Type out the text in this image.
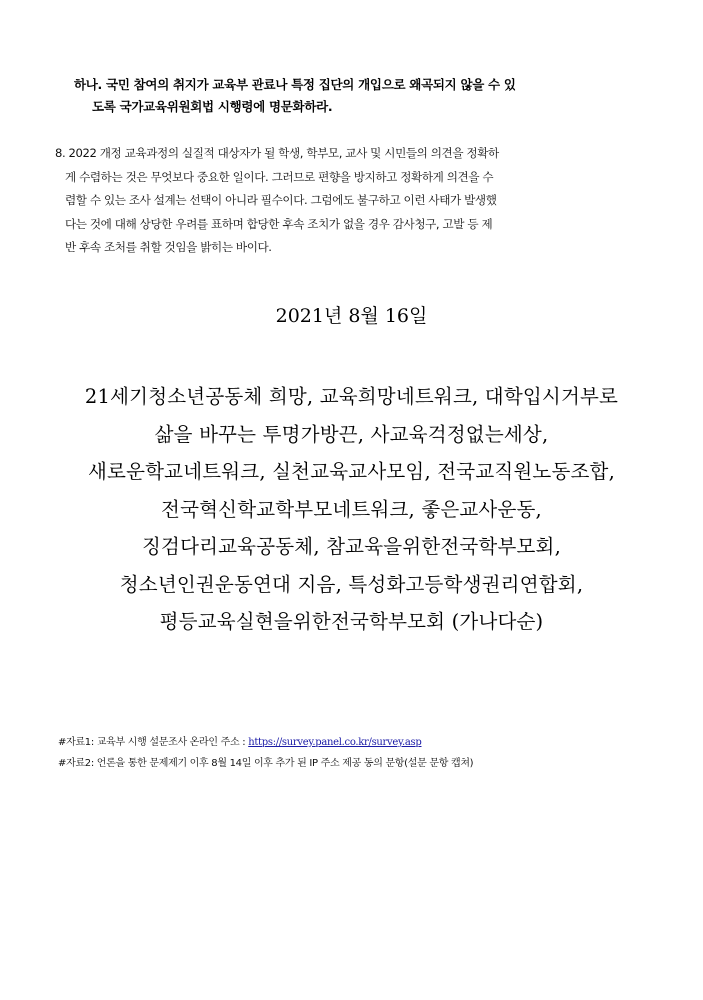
하나. 국민 참여의 취지가 교육부 관료나 특정 집단의 개입으로 왜곡되지 않을 수 있
도록 국가교육위원회법 시행령에 명문화하라.
8. 2022 개정 교육과정의 실질적 대상자가 될 학생, 학부모, 교사 및 시민들의 의견을 정확하
게 수렴하는 것은 무엇보다 중요한 일이다. 그러므로 편향을 방지하고 정확하게 의견을 수
렴할 수 있는 조사 설계는 선택이 아니라 필수이다. 그럼에도 불구하고 이런 사태가 발생했
다는 것에 대해 상당한 우려를 표하며 합당한 후속 조치가 없을 경우 감사청구, 고발 등 제
반 후속 조처를 취할 것임을 밝히는 바이다.
2021년 8월 16일
21세기청소년공동체 희망, 교육희망네트워크, 대학입시거부로
삶을 바꾸는 투명가방끈, 사교육걱정없는세상,
새로운학교네트워크, 실천교육교사모임, 전국교직원노동조합,
전국혁신학교학부모네트워크, 좋은교사운동,
징검다리교육공동체, 참교육을위한전국학부모회,
청소년인권운동연대 지음, 특성화고등학생권리연합회,
평등교육실현을위한전국학부모회 (가나다순)
#자료1: 교육부 시행 설문조사 온라인 주소 : https://survey.panel.co.kr/survey.asp
#자료2: 언론을 통한 문제제기 이후 8월 14일 이후 추가 된 IP 주소 제공 동의 문항(설문 문항 캡쳐)
